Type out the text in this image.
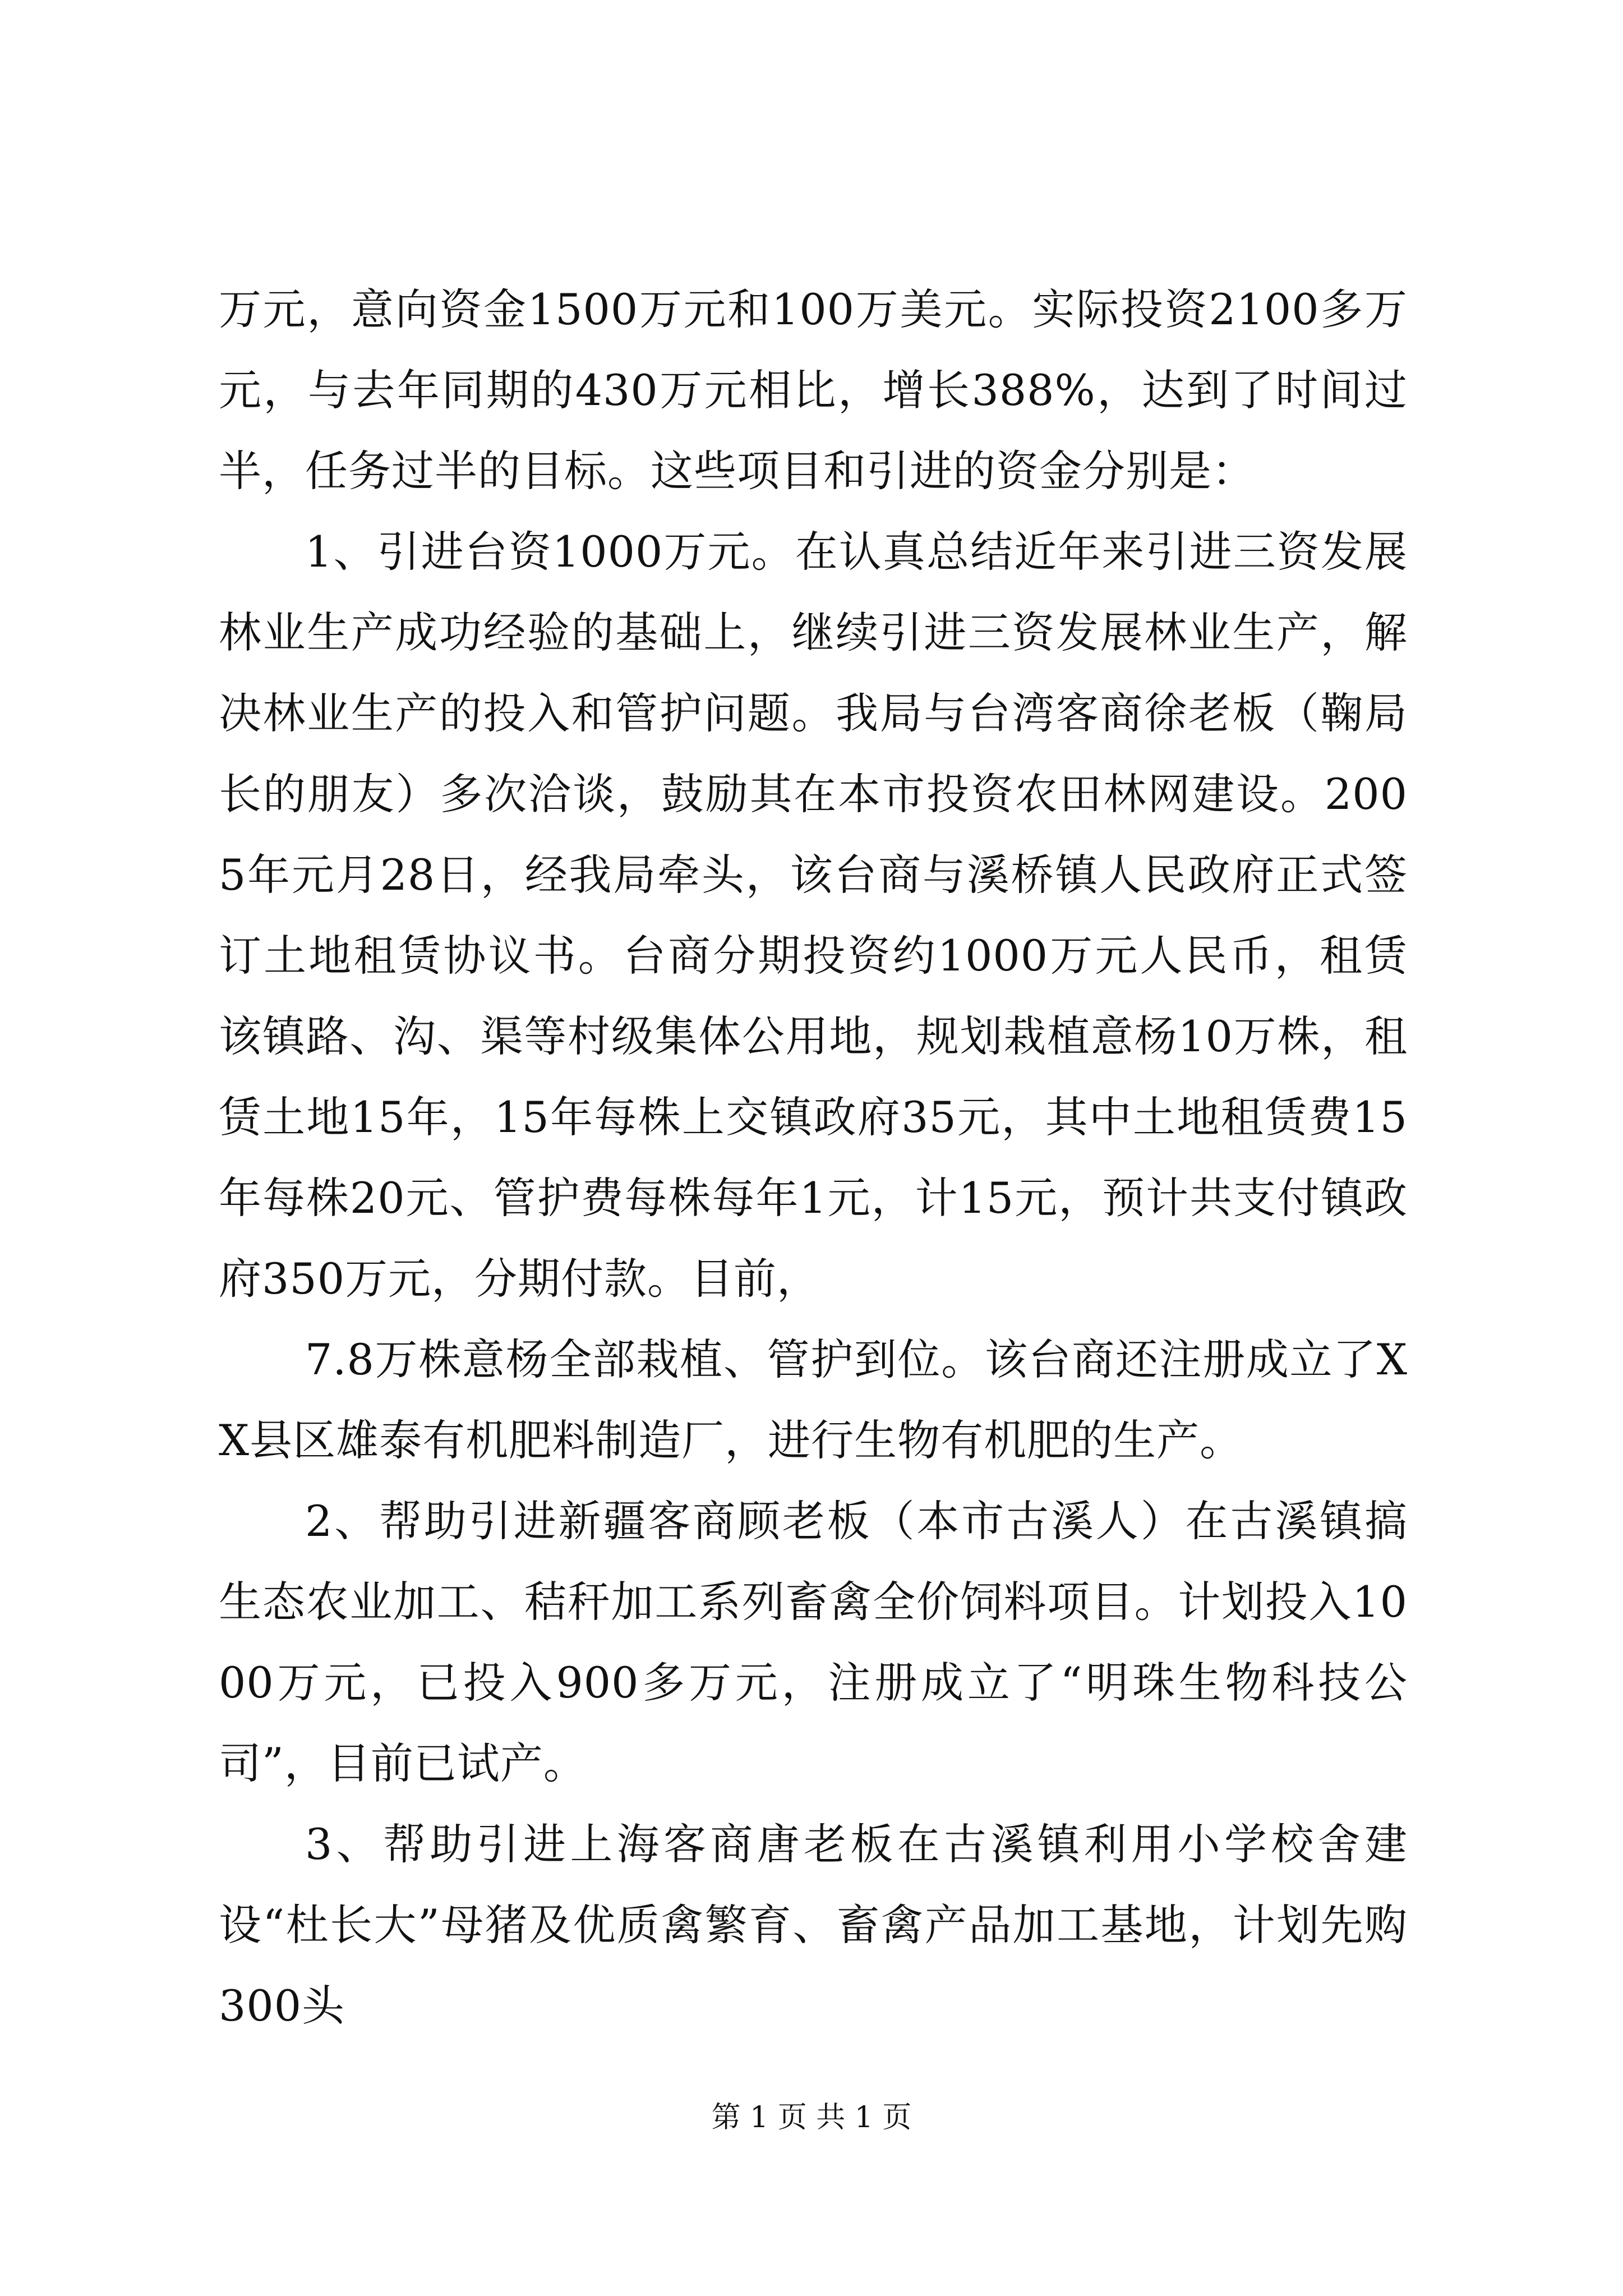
万元，意向资金1500万元和100万美元。实际投资2100多万元，与去年同期的430万元相比，增长388%，达到了时间过半，任务过半的目标。这些项目和引进的资金分别是：

1、引进台资1000万元。在认真总结近年来引进三资发展林业生产成功经验的基础上，继续引进三资发展林业生产，解决林业生产的投入和管护问题。我局与台湾客商徐老板（鞠局长的朋友）多次洽谈，鼓励其在本市投资农田林网建设。2005年元月28日，经我局牵头，该台商与溪桥镇人民政府正式签订土地租赁协议书。台商分期投资约1000万元人民币，租赁该镇路、沟、渠等村级集体公用地，规划栽植意杨10万株，租赁土地15年，15年每株上交镇政府35元，其中土地租赁费15年每株20元、管护费每株每年1元，计15元，预计共支付镇政府350万元，分期付款。目前，

7.8万株意杨全部栽植、管护到位。该台商还注册成立了XX县区雄泰有机肥料制造厂，进行生物有机肥的生产。

2、帮助引进新疆客商顾老板（本市古溪人）在古溪镇搞生态农业加工、秸秆加工系列畜禽全价饲料项目。计划投入1000万元，已投入900多万元，注册成立了“明珠生物科技公司”，目前已试产。

3、帮助引进上海客商唐老板在古溪镇利用小学校舍建设“杜长大”母猪及优质禽繁育、畜禽产品加工基地，计划先购300头

第 1 页 共 1 页
